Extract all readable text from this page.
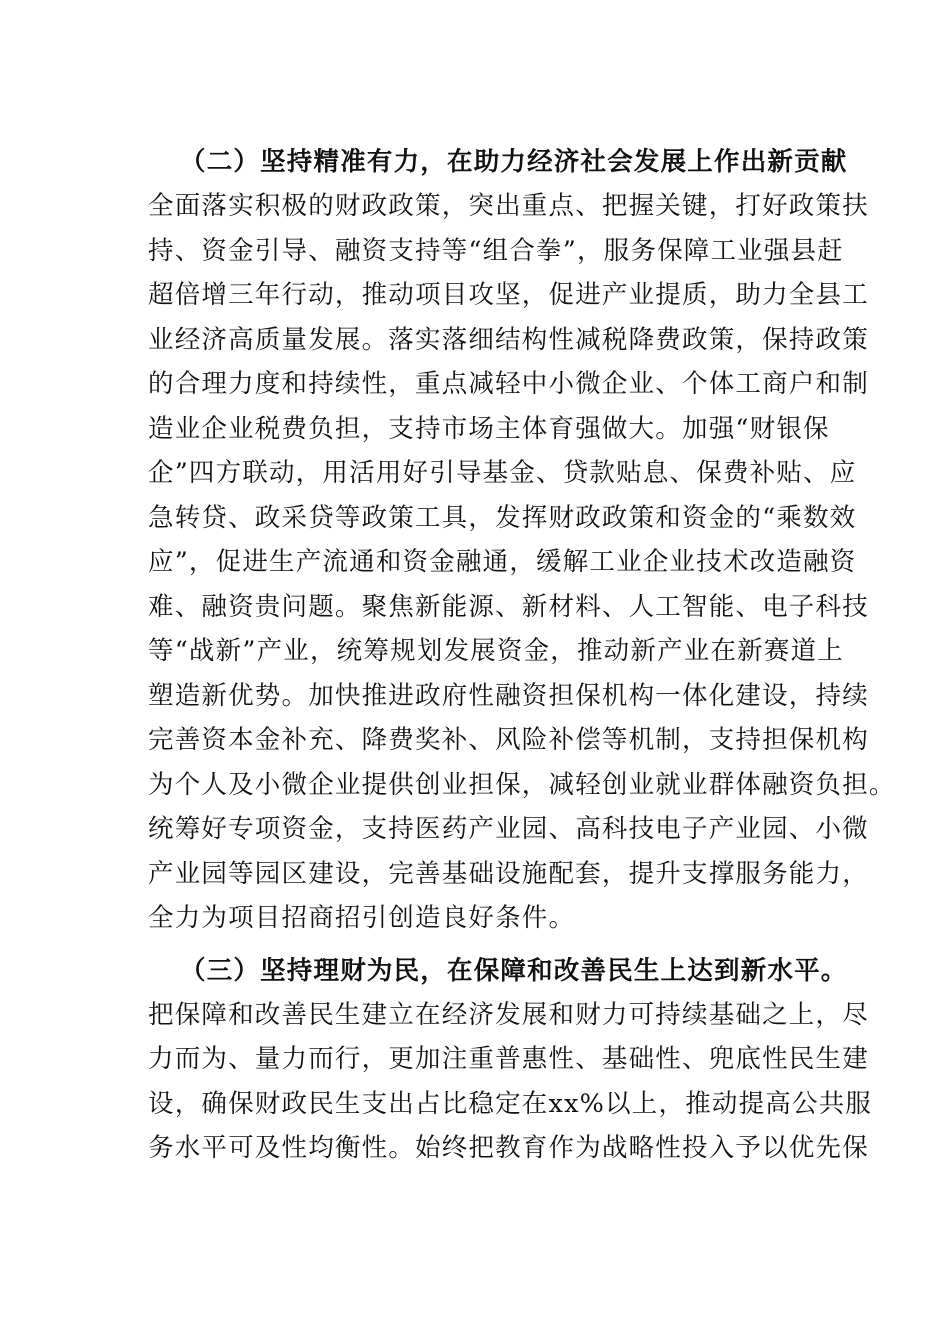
（二）坚持精准有力，在助力经济社会发展上作出新贡献
全面落实积极的财政政策，突出重点、把握关键，打好政策扶
持、资金引导、融资支持等“组合拳”，服务保障工业强县赶
超倍增三年行动，推动项目攻坚，促进产业提质，助力全县工
业经济高质量发展。落实落细结构性减税降费政策，保持政策
的合理力度和持续性，重点减轻中小微企业、个体工商户和制
造业企业税费负担，支持市场主体育强做大。加强“财银保
企”四方联动，用活用好引导基金、贷款贴息、保费补贴、应
急转贷、政采贷等政策工具，发挥财政政策和资金的“乘数效
应”，促进生产流通和资金融通，缓解工业企业技术改造融资
难、融资贵问题。聚焦新能源、新材料、人工智能、电子科技
等“战新”产业，统筹规划发展资金，推动新产业在新赛道上
塑造新优势。加快推进政府性融资担保机构一体化建设，持续
完善资本金补充、降费奖补、风险补偿等机制，支持担保机构
为个人及小微企业提供创业担保，减轻创业就业群体融资负担。
统筹好专项资金，支持医药产业园、高科技电子产业园、小微
产业园等园区建设，完善基础设施配套，提升支撑服务能力，
全力为项目招商招引创造良好条件。
（三）坚持理财为民，在保障和改善民生上达到新水平。
把保障和改善民生建立在经济发展和财力可持续基础之上，尽
力而为、量力而行，更加注重普惠性、基础性、兜底性民生建
设，确保财政民生支出占比稳定在xx%以上，推动提高公共服
务水平可及性均衡性。始终把教育作为战略性投入予以优先保
